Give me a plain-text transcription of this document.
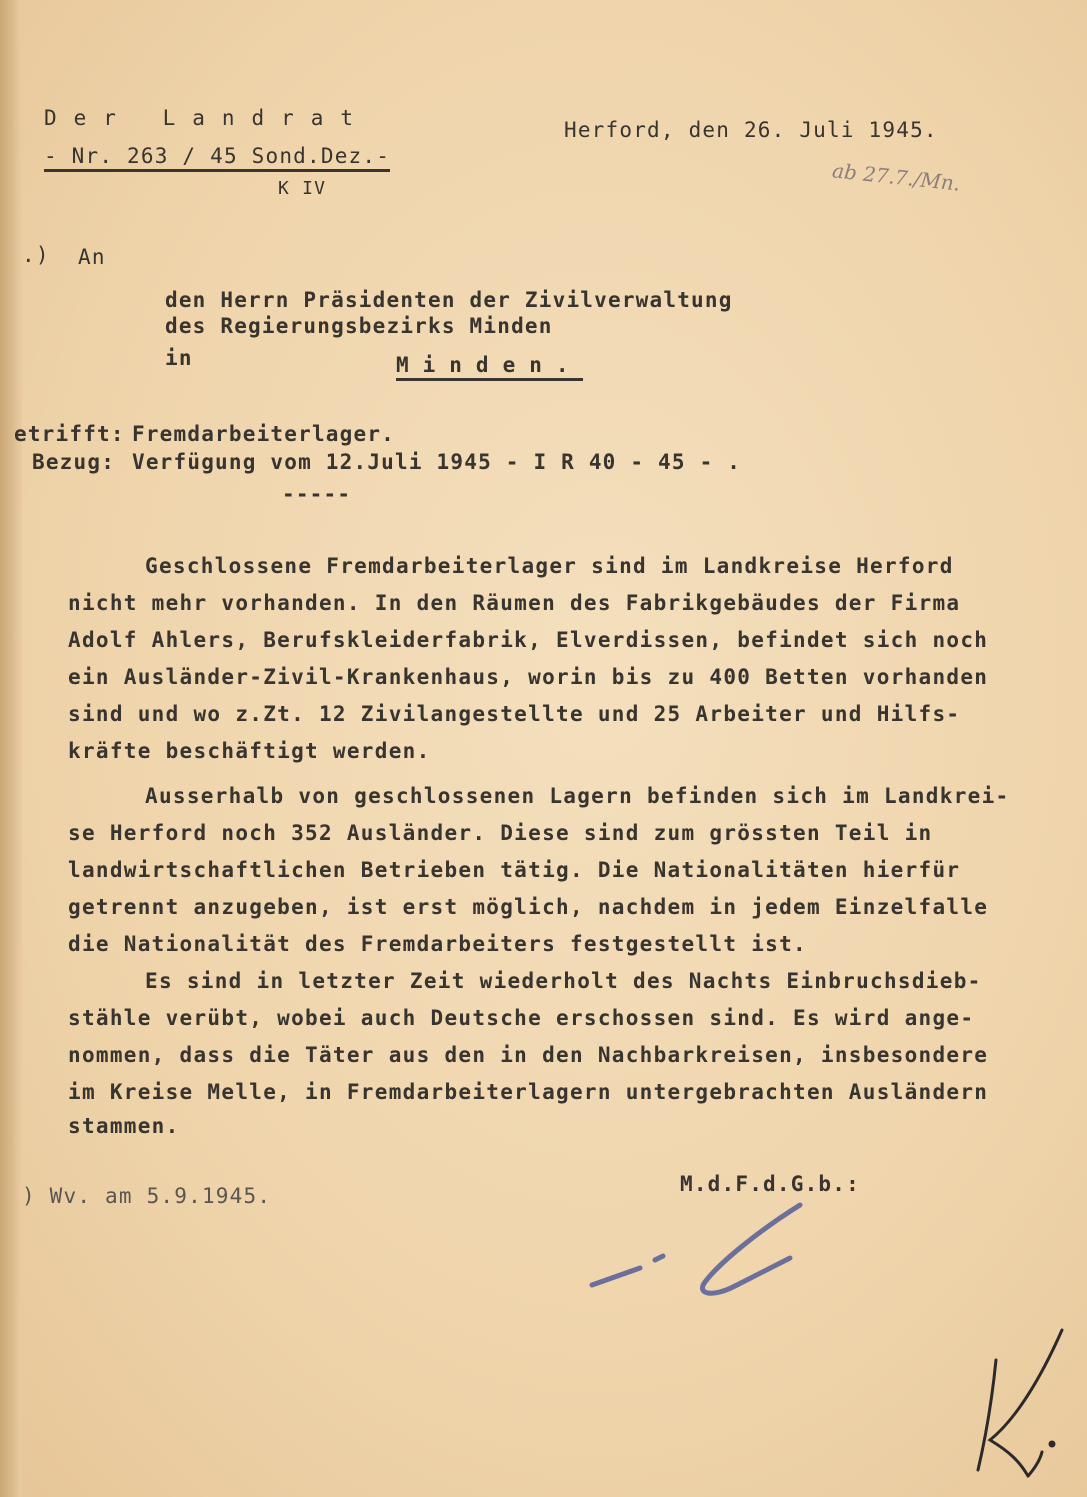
Der Landrat
- Nr. 263 / 45 Sond.Dez.-
K IV
Herford, den 26. Juli 1945.
ab 27.7./Mn.
.) An
den Herrn Präsidenten der Zivilverwaltung
des Regierungsbezirks Minden
in	Minden.
etrifft: Fremdarbeiterlager.
Bezug: Verfügung vom 12.Juli 1945 - I R 40 - 45 - .
-----
Geschlossene Fremdarbeiterlager sind im Landkreise Herford
nicht mehr vorhanden. In den Räumen des Fabrikgebäudes der Firma
Adolf Ahlers, Berufskleiderfabrik, Elverdissen, befindet sich noch
ein Ausländer-Zivil-Krankenhaus, worin bis zu 400 Betten vorhanden
sind und wo z.Zt. 12 Zivilangestellte und 25 Arbeiter und Hilfs-
kräfte beschäftigt werden.
Ausserhalb von geschlossenen Lagern befinden sich im Landkrei-
se Herford noch 352 Ausländer. Diese sind zum grössten Teil in
landwirtschaftlichen Betrieben tätig. Die Nationalitäten hierfür
getrennt anzugeben, ist erst möglich, nachdem in jedem Einzelfalle
die Nationalität des Fremdarbeiters festgestellt ist.
Es sind in letzter Zeit wiederholt des Nachts Einbruchsdieb-
stähle verübt, wobei auch Deutsche erschossen sind. Es wird ange-
nommen, dass die Täter aus den in den Nachbarkreisen, insbesondere
im Kreise Melle, in Fremdarbeiterlagern untergebrachten Ausländern
stammen.
) Wv. am 5.9.1945.	M.d.F.d.G.b.:
